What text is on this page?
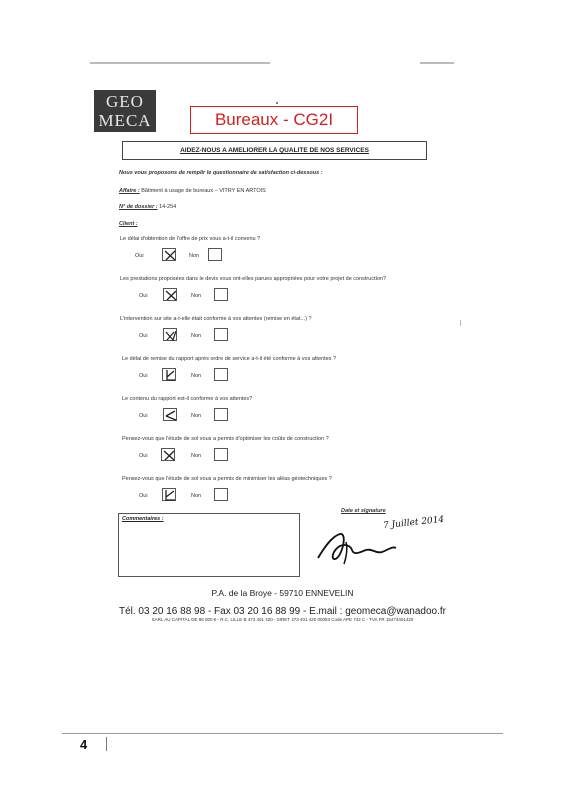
GEO
MECA	Bureaux - CG2I
AIDEZ-NOUS A AMELIORER LA QUALITE DE NOS SERVICES
Nous vous proposons de remplir le questionnaire de satisfaction ci-dessous :
Affaire : Bâtiment à usage de bureaux – VITRY EN ARTOIS
N° de dossier : 14-254
Client :
Le délai d'obtention de l'offre de prix vous a-t-il convenu ?
Oui	Non
Les prestations proposées dans le devis vous ont-elles parues appropriées pour votre projet de construction?
Oui	Non
L'intervention sur site a-t-elle était conforme à vos attentes (remise en état...) ?
Oui	Non
Le délai de remise du rapport après ordre de service a-t-il été conforme à vos attentes ?
Oui	Non
Le contenu du rapport est-il conforme à vos attentes?
Oui	Non
Pensez-vous que l'étude de sol vous a permis d'optimiser les coûts de construction ?
Oui	Non
Pensez-vous que l'étude de sol vous a permis de minimiser les aléas géotechniques ?
Oui	Non
Commentaires :
Date et signature
7 Juillet 2014
P.A. de la Broye - 59710 ENNEVELIN
Tél. 03 20 16 88 98 - Fax 03 20 16 88 99 - E.mail : geomeca@wanadoo.fr
SARL AU CAPITAL DE 88 000 € - R.C. LILLE B 473 401 420 - SIRET 473 401 420 00053 Code APE 742 C - TVA FR 15473401420
4
